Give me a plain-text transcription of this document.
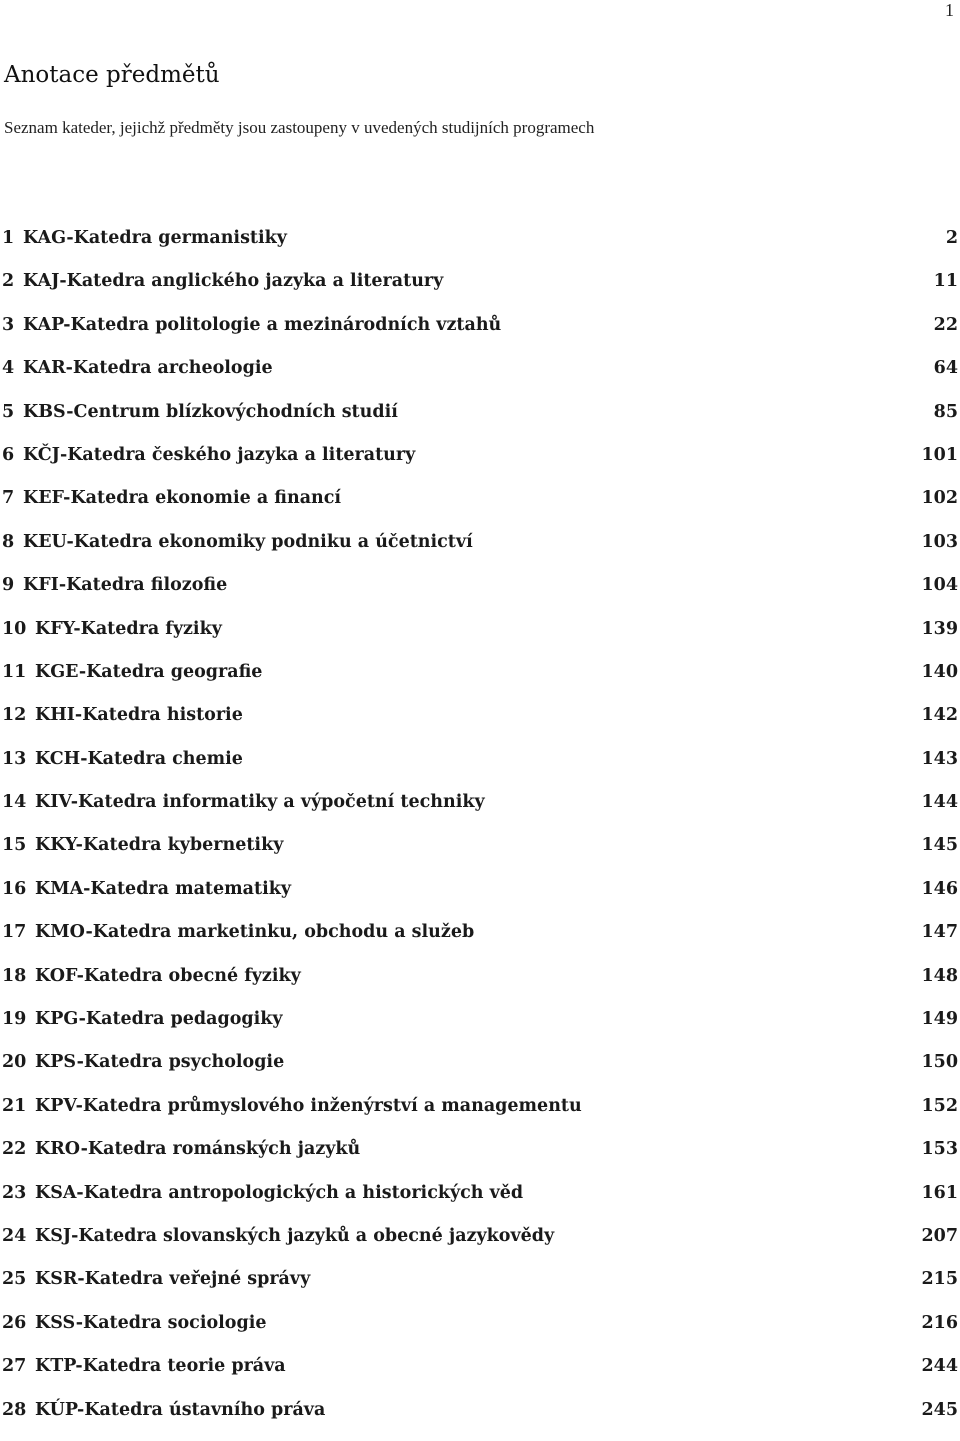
1
Anotace předmětů

Seznam kateder, jejichž předměty jsou zastoupeny v uvedených studijních programech

1 KAG-Katedra germanistiky	2
2 KAJ-Katedra anglického jazyka a literatury	11
3 KAP-Katedra politologie a mezinárodních vztahů	22
4 KAR-Katedra archeologie	64
5 KBS-Centrum blízkovýchodních studií	85
6 KČJ-Katedra českého jazyka a literatury	101
7 KEF-Katedra ekonomie a financí	102
8 KEU-Katedra ekonomiky podniku a účetnictví	103
9 KFI-Katedra filozofie	104
10 KFY-Katedra fyziky	139
11 KGE-Katedra geografie	140
12 KHI-Katedra historie	142
13 KCH-Katedra chemie	143
14 KIV-Katedra informatiky a výpočetní techniky	144
15 KKY-Katedra kybernetiky	145
16 KMA-Katedra matematiky	146
17 KMO-Katedra marketinku, obchodu a služeb	147
18 KOF-Katedra obecné fyziky	148
19 KPG-Katedra pedagogiky	149
20 KPS-Katedra psychologie	150
21 KPV-Katedra průmyslového inženýrství a managementu	152
22 KRO-Katedra románských jazyků	153
23 KSA-Katedra antropologických a historických věd	161
24 KSJ-Katedra slovanských jazyků a obecné jazykovědy	207
25 KSR-Katedra veřejné správy	215
26 KSS-Katedra sociologie	216
27 KTP-Katedra teorie práva	244
28 KÚP-Katedra ústavního práva	245
